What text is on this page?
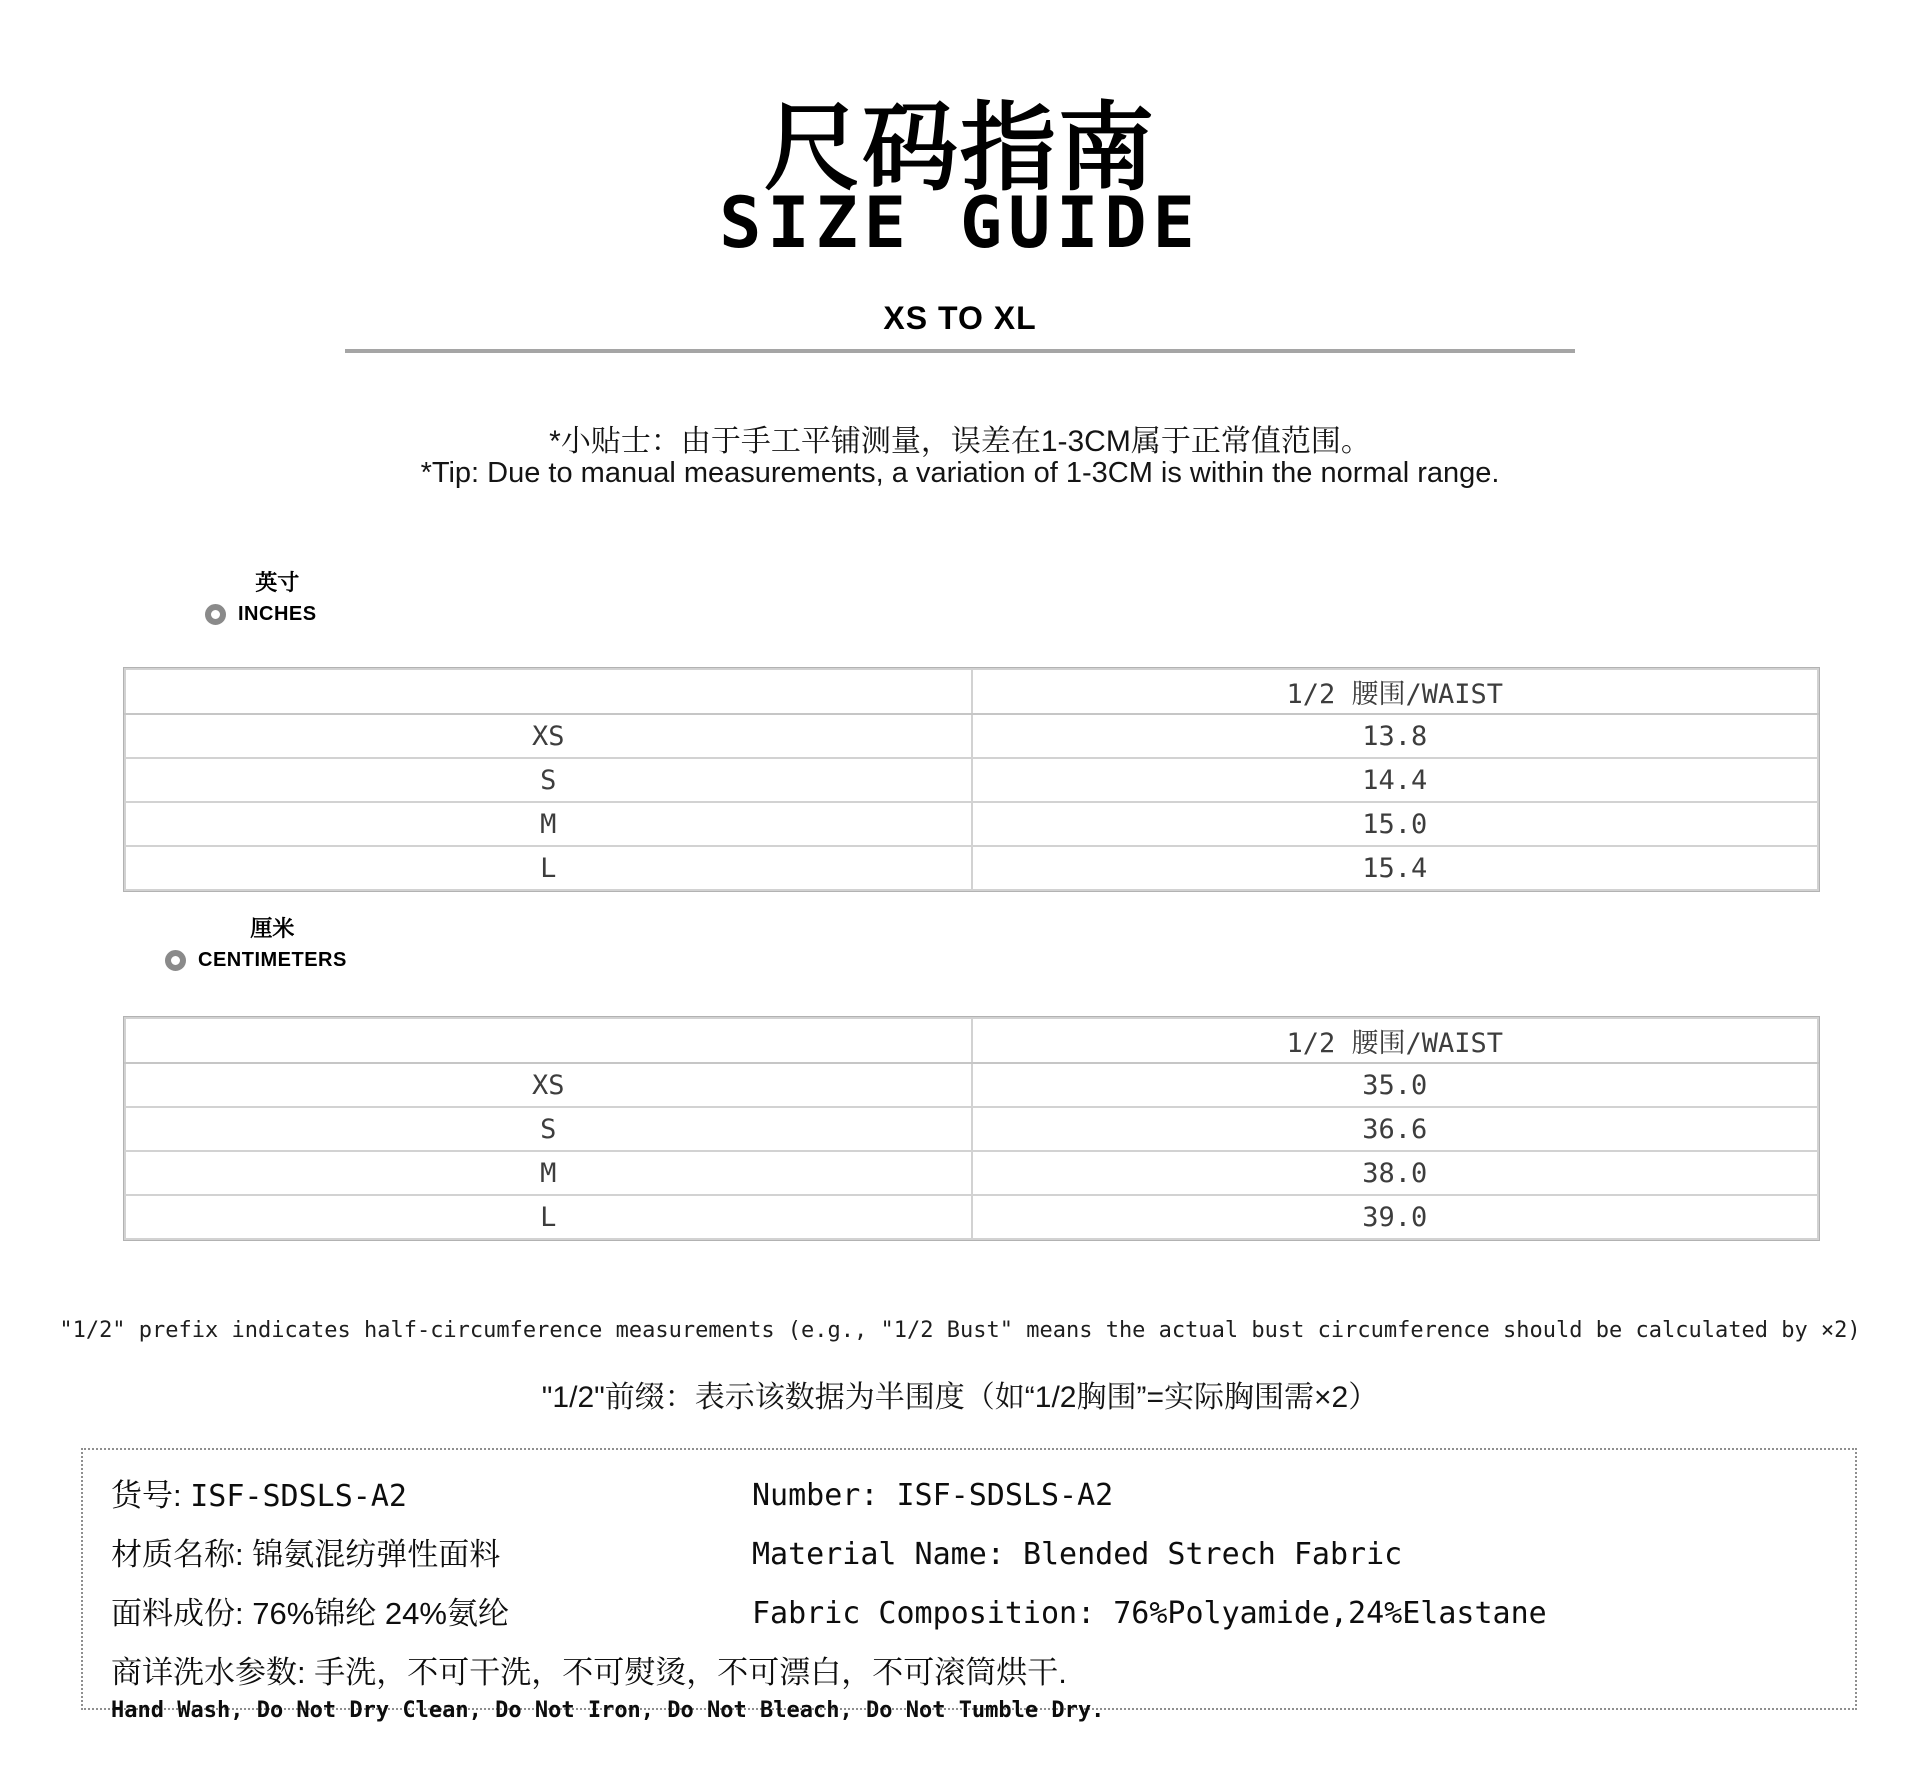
尺码指南
SIZE GUIDE
XS TO XL
*小贴士：由于手工平铺测量，误差在1-3CM属于正常值范围。
*Tip: Due to manual measurements, a variation of 1-3CM is within the normal range.
英寸
INCHES
	1/2 腰围/WAIST
XS	13.8
S	14.4
M	15.0
L	15.4
厘米
CENTIMETERS
	1/2 腰围/WAIST
XS	35.0
S	36.6
M	38.0
L	39.0
"1/2" prefix indicates half-circumference measurements (e.g., "1/2 Bust" means the actual bust circumference should be calculated by ×2)
"1/2"前缀：表示该数据为半围度（如“1/2胸围”=实际胸围需×2）
货号: ISF-SDSLS-A2	Number: ISF-SDSLS-A2
材质名称: 锦氨混纺弹性面料	Material Name: Blended Strech Fabric
面料成份: 76%锦纶 24%氨纶	Fabric Composition: 76%Polyamide,24%Elastane
商详洗水参数: 手洗，不可干洗，不可熨烫，不可漂白，不可滚筒烘干.
Hand Wash, Do Not Dry Clean, Do Not Iron, Do Not Bleach, Do Not Tumble Dry.
